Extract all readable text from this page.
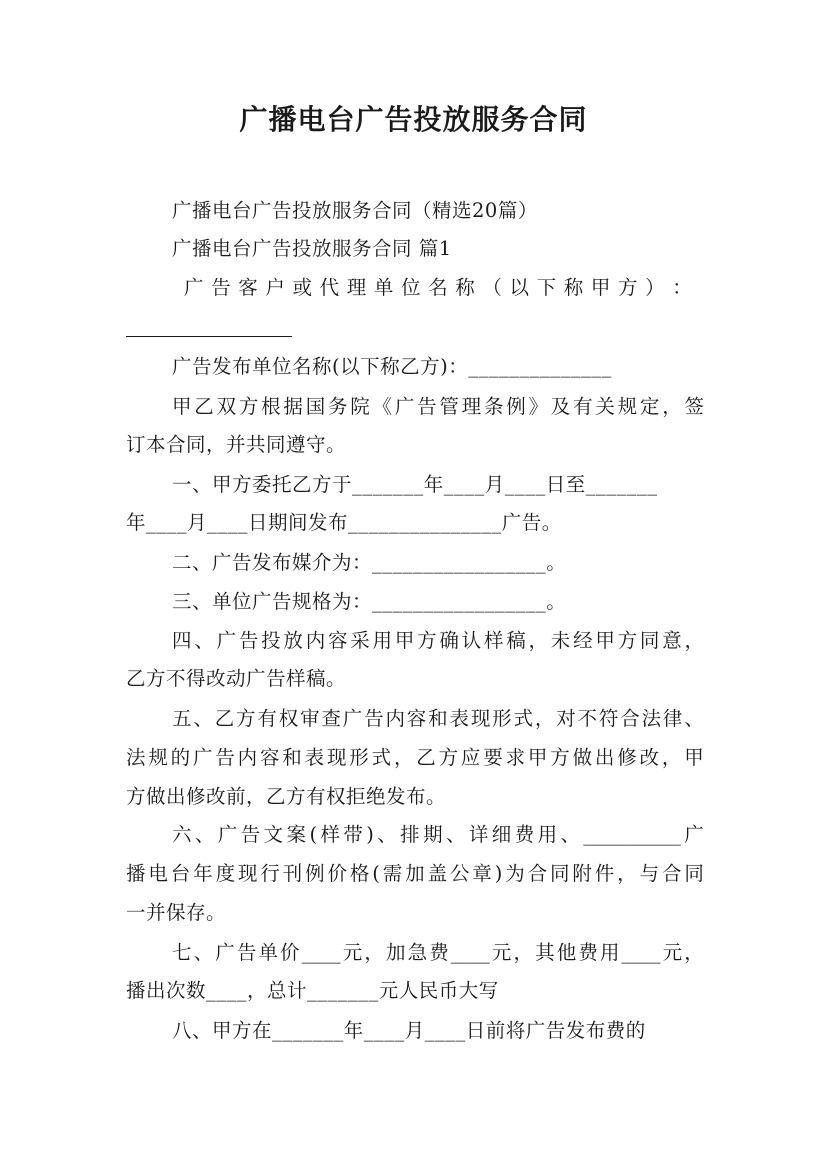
广播电台广告投放服务合同
广播电台广告投放服务合同（精选20篇）
广播电台广告投放服务合同 篇1
广 告 客 户 或 代 理 单 位 名 称 （ 以 下 称 甲 方 ） ：
广告发布单位名称(以下称乙方)：______________
甲 乙 双 方 根 据 国 务 院 《 广 告 管 理 条 例 》 及 有 关 规 定 ， 签
订本合同，并共同遵守。
一、甲方委托乙方于_______年____月____日至_______
年____月____日期间发布_______________广告。
二、广告发布媒介为：_________________。
三、单位广告规格为：_________________。
四 、 广 告 投 放 内 容 采 用 甲 方 确 认 样 稿 ， 未 经 甲 方 同 意 ，
乙方不得改动广告样稿。
五 、 乙 方 有 权 审 查 广 告 内 容 和 表 现 形 式 ， 对 不 符 合 法 律 、
法 规 的 广 告 内 容 和 表 现 形 式 ， 乙 方 应 要 求 甲 方 做 出 修 改 ， 甲
方做出修改前，乙方有权拒绝发布。
六 、 广 告 文 案 ( 样 带 ) 、 排 期 、 详 细 费 用 、 __________ 广
播 电 台 年 度 现 行 刊 例 价 格 ( 需 加 盖 公 章 ) 为 合 同 附 件 ， 与 合 同
一并保存。
七 、 广 告 单 价 ____ 元 ， 加 急 费 ____ 元 ， 其 他 费 用 ____ 元 ，
播出次数____，总计_______元人民币大写
八、甲方在_______年____月____日前将广告发布费的
